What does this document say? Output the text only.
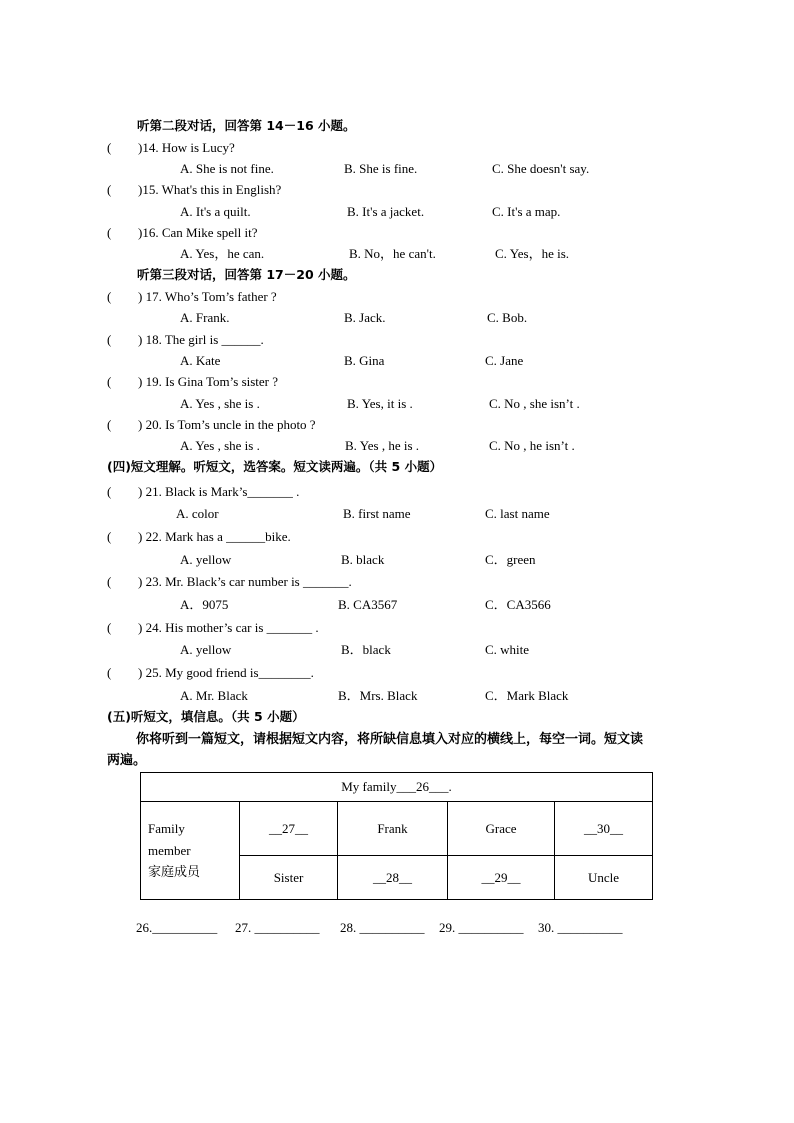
听第二段对话，回答第 14－16 小题。
( )14. How is Lucy?
A. She is not fine.	B. She is fine.	C. She doesn't say.
( )15. What's this in English?
A. It's a quilt.	B. It's a jacket.	C. It's a map.
( )16. Can Mike spell it?
A. Yes，he can.	B. No，he can't.	C. Yes，he is.
听第三段对话，回答第 17－20 小题。
( ) 17. Who’s Tom’s father ?
A. Frank.	B. Jack.	C. Bob.
( ) 18. The girl is ______.
A. Kate	B. Gina	C. Jane
( ) 19. Is Gina Tom’s sister ?
A. Yes , she is .	B. Yes, it is .	C. No , she isn’t .
( ) 20. Is Tom’s uncle in the photo ?
A. Yes , she is .	B. Yes , he is .	C. No , he isn’t .
(四)短文理解。听短文，选答案。短文读两遍。（共 5 小题）
( ) 21. Black is Mark’s_______ .
A. color	B. first name	C. last name
( ) 22. Mark has a ______bike.
A. yellow	B. black	C．green
( ) 23. Mr. Black’s car number is _______.
A．9075	B. CA3567	C．CA3566
( ) 24. His mother’s car is _______ .
A. yellow	B．black	C. white
( ) 25. My good friend is________.
A. Mr. Black	B．Mrs. Black	C．Mark Black
(五)听短文，填信息。（共 5 小题）
你将听到一篇短文，请根据短文内容，将所缺信息填入对应的横线上，每空一词。短文读
两遍。
My family___26___.				

Family
member
家庭成员	__27__	Frank	Grace	__30__
	Sister	__28__	__29__	Uncle
26.__________ 27. __________ 28. __________ 29. __________ 30. __________
